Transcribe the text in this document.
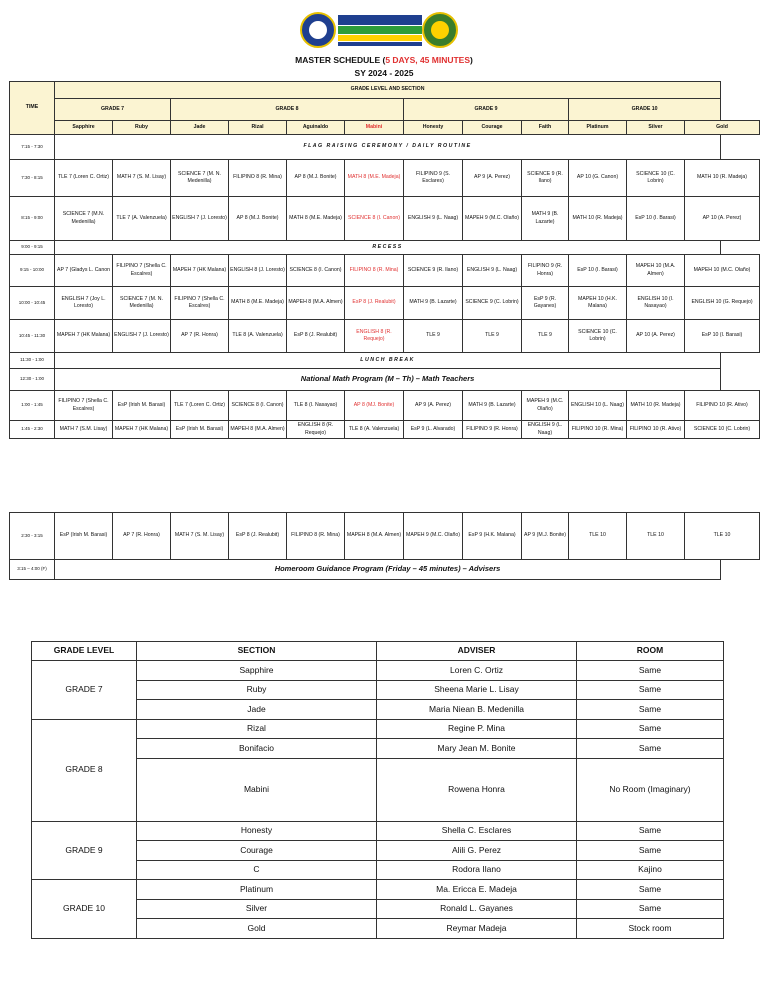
MASTER SCHEDULE (5 DAYS, 45 MINUTES)
SY 2024 - 2025
TIME	GRADE LEVEL AND SECTION											
	GRADE 7		GRADE 8				GRADE 9			GRADE 10		
	Sapphire	Ruby	Jade	Rizal	Aguinaldo	Mabini	Honesty	Courage	Faith	Platinum	Silver	Gold
7:15 - 7:30	FLAG RAISING CEREMONY / DAILY ROUTINE											
7:30 - 8:15	TLE 7 (Loren C. Ortiz)	MATH 7 (S. M. Lisay)	SCIENCE 7 (M. N. Medenilla)	FILIPINO 8 (R. Mina)	AP 8 (M.J. Bonite)	MATH 8 (M.E. Madeja)	FILIPINO 9 (S. Esclares)	AP 9 (A. Perez)	SCIENCE 9 (R. Ilano)	AP 10 (G. Canon)	SCIENCE 10 (C. Lobrin)	MATH 10 (R. Madeja)
8:15 - 9:00	SCIENCE 7 (M.N. Medenilla)	TLE 7 (A. Valenzuela)	ENGLISH 7 (J. Loresto)	AP 8 (M.J. Bonite)	MATH 8 (M.E. Madeja)	SCIENCE 8 (I. Canon)	ENGLISH 9 (L. Naag)	MAPEH 9 (M.C. Olaño)	MATH 9 (B. Lazarte)	MATH 10 (R. Madeja)	EsP 10 (I. Barasi)	AP 10 (A. Perez)
9:00 - 9:15	RECESS											
9:15 - 10:00	AP 7 (Gladys L. Canon	FILIPINO 7 (Shella C. Escalres)	MAPEH 7 (HK Malana)	ENGLISH 8 (J. Loresto)	SCIENCE 8 (I. Canon)	FILIPINO 8 (R. Mina)	SCIENCE 9 (R. Ilano)	ENGLISH 9 (L. Naag)	FILIPINO 9 (R. Honra)	EsP 10 (I. Barasi)	MAPEH 10 (M.A. Almen)	MAPEH 10 (M.C. Olaño)
10:00 - 10:45	ENGLISH 7 (Joy L. Loresto)	SCIENCE 7 (M. N. Medenilla)	FILIPINO 7 (Shella C. Escalres)	MATH 8 (M.E. Madeja)	MAPEH 8 (M.A. Almen)	EsP 8 (J. Realubit)	MATH 9 (B. Lazarte)	SCIENCE 9 (C. Lobrin)	EsP 9 (R. Gayanes)	MAPEH 10 (H.K. Malana)	ENGLISH 10 (I. Nasayao)	ENGLISH 10 (G. Requejo)
10:45 - 11:30	MAPEH 7 (HK Malana)	ENGLISH 7 (J. Loresto)	AP 7 (R. Honra)	TLE 8 (A. Valenzuela)	EsP 8 (J. Realubit)	ENGLISH 8 (R. Requejo)	TLE 9	TLE 9	TLE 9	SCIENCE 10 (C. Lobrin)	AP 10 (A. Perez)	EsP 10 (I. Barasi)
11:30 - 1:00	LUNCH BREAK											
12:30 - 1:00	National Math Program (M – Th) – Math Teachers											
1:00 - 1:45	FILIPINO 7 (Shella C. Escalres)	EsP (Irish M. Barasi)	TLE 7 (Loren C. Ortiz)	SCIENCE 8 (I. Canon)	TLE 8 (I. Nasayao)	AP 8 (MJ. Bonite)	AP 9 (A. Perez)	MATH 9 (B. Lazarte)	MAPEH 9 (M.C. Olaño)	ENGLISH 10 (L. Naag)	MATH 10 (R. Madeja)	FILIPINO 10 (R. Ativo)
1:45 - 2:30	MATH 7 (S.M. Lisay)	MAPEH 7 (HK Malana)	EsP (Irish M. Barasi)	MAPEH 8 (M.A. Almen)	ENGLISH 8 (R. Requejo)	TLE 8 (A. Valenzuela)	EsP 9 (L. Alvarado)	FILIPINO 9 (R. Honra)	ENGLISH 9 (L. Naag)	FILIPINO 10 (R. Mina)	FILIPINO 10 (R. Ativo)	SCIENCE 10 (C. Lobrin)
2:30 - 3:15	EsP (Irish M. Barasi)	AP 7 (R. Honra)	MATH 7 (S. M. Lisay)	EsP 8 (J. Realubit)	FILIPINO 8 (R. Mina)	MAPEH 8 (M.A. Almen)	MAPEH 9 (M.C. Olaño)	EsP 9 (H.K. Malana)	AP 9 (M.J. Bonite)	TLE 10	TLE 10	TLE 10
3:15 – 4:00 (F)	Homeroom Guidance Program (Friday – 45 minutes) – Advisers											
GRADE LEVEL	SECTION	ADVISER	ROOM
GRADE 7	Sapphire	Loren C. Ortiz	Same
	Ruby	Sheena Marie L. Lisay	Same
	Jade	Maria Niean B. Medenilla	Same
GRADE 8	Rizal	Regine P. Mina	Same
	Bonifacio	Mary Jean M. Bonite	Same
	Mabini	Rowena Honra	No Room (Imaginary)
GRADE 9	Honesty	Shella C. Esclares	Same
	Courage	Alili G. Perez	Same
	C	Rodora Ilano	Kajino
GRADE 10	Platinum	Ma. Ericca E. Madeja	Same
	Silver	Ronald L. Gayanes	Same
	Gold	Reymar Madeja	Stock room
